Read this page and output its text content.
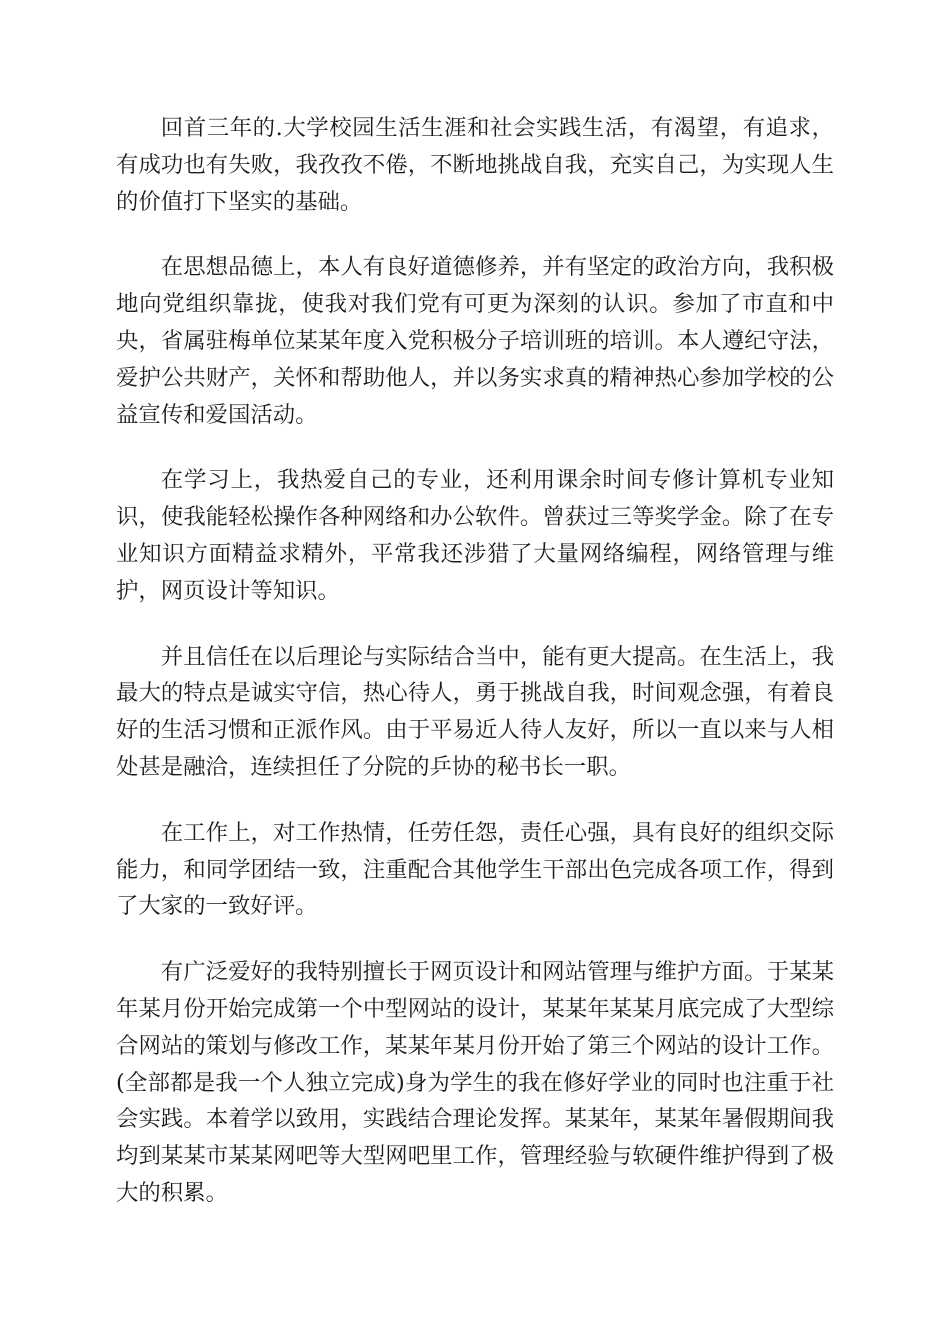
回首三年的.大学校园生活生涯和社会实践生活，有渴望，有追求，有成功也有失败，我孜孜不倦，不断地挑战自我，充实自己，为实现人生的价值打下坚实的基础。

在思想品德上，本人有良好道德修养，并有坚定的政治方向，我积极地向党组织靠拢，使我对我们党有可更为深刻的认识。参加了市直和中央，省属驻梅单位某某年度入党积极分子培训班的培训。本人遵纪守法，爱护公共财产，关怀和帮助他人，并以务实求真的精神热心参加学校的公益宣传和爱国活动。

在学习上，我热爱自己的专业，还利用课余时间专修计算机专业知识，使我能轻松操作各种网络和办公软件。曾获过三等奖学金。除了在专业知识方面精益求精外，平常我还涉猎了大量网络编程，网络管理与维护，网页设计等知识。

并且信任在以后理论与实际结合当中，能有更大提高。在生活上，我最大的特点是诚实守信，热心待人，勇于挑战自我，时间观念强，有着良好的生活习惯和正派作风。由于平易近人待人友好，所以一直以来与人相处甚是融洽，连续担任了分院的乒协的秘书长一职。

在工作上，对工作热情，任劳任怨，责任心强，具有良好的组织交际能力，和同学团结一致，注重配合其他学生干部出色完成各项工作，得到了大家的一致好评。

有广泛爱好的我特别擅长于网页设计和网站管理与维护方面。于某某年某月份开始完成第一个中型网站的设计，某某年某某月底完成了大型综合网站的策划与修改工作，某某年某月份开始了第三个网站的设计工作。(全部都是我一个人独立完成)身为学生的我在修好学业的同时也注重于社会实践。本着学以致用，实践结合理论发挥。某某年，某某年暑假期间我均到某某市某某网吧等大型网吧里工作，管理经验与软硬件维护得到了极大的积累。
